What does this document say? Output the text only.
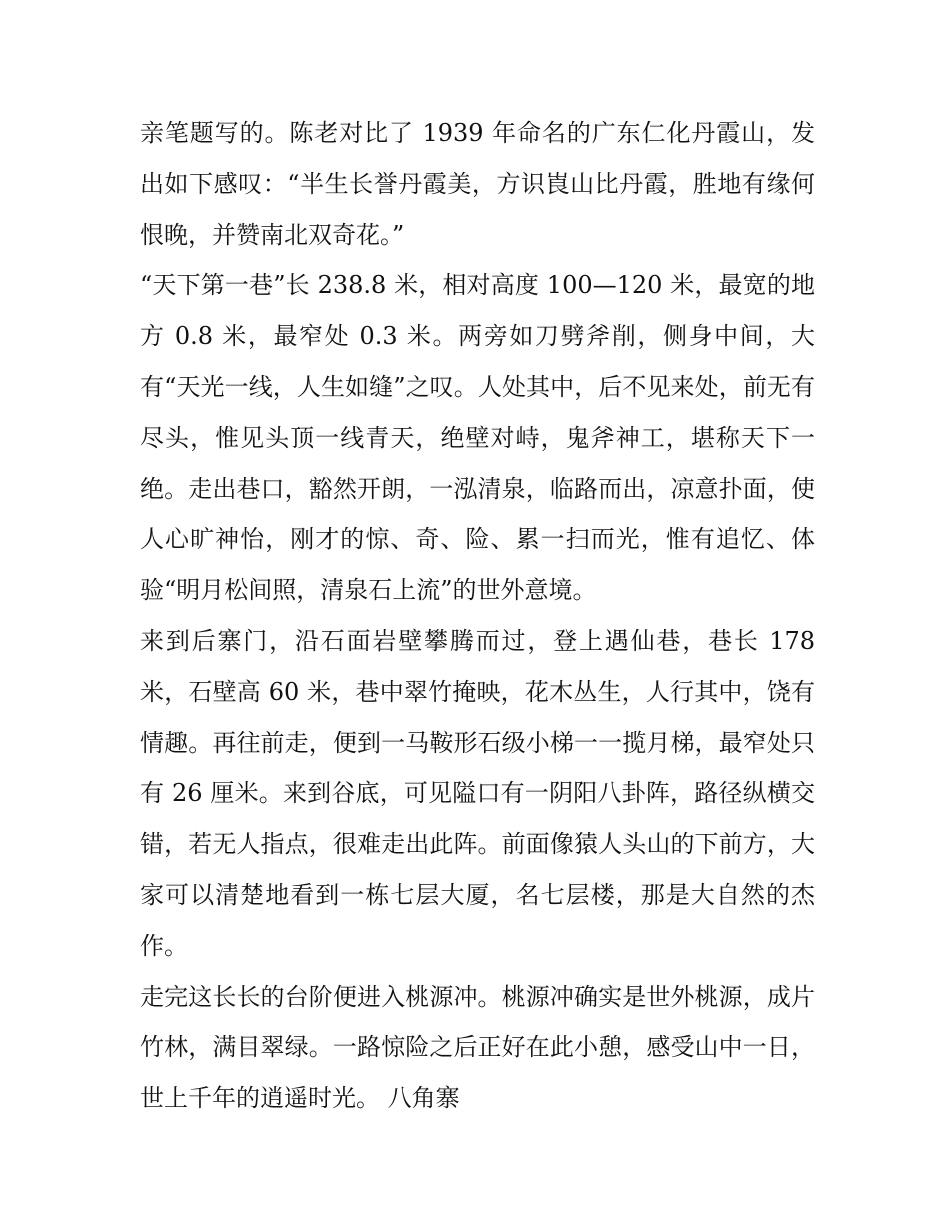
亲笔题写的。陈老对比了 1939 年命名的广东仁化丹霞山，发出如下感叹：“半生长誉丹霞美，方识崀山比丹霞，胜地有缘何恨晚，并赞南北双奇花。”

“天下第一巷”长 238.8 米，相对高度 100—120 米，最宽的地方 0.8 米，最窄处 0.3 米。两旁如刀劈斧削，侧身中间，大有“天光一线，人生如缝”之叹。人处其中，后不见来处，前无有尽头，惟见头顶一线青天，绝壁对峙，鬼斧神工，堪称天下一绝。走出巷口，豁然开朗，一泓清泉，临路而出，凉意扑面，使人心旷神怡，刚才的惊、奇、险、累一扫而光，惟有追忆、体验“明月松间照，清泉石上流”的世外意境。

来到后寨门，沿石面岩壁攀腾而过，登上遇仙巷，巷长 178 米，石壁高 60 米，巷中翠竹掩映，花木丛生，人行其中，饶有情趣。再往前走，便到一马鞍形石级小梯一一揽月梯，最窄处只有 26 厘米。来到谷底，可见隘口有一阴阳八卦阵，路径纵横交错，若无人指点，很难走出此阵。前面像猿人头山的下前方，大家可以清楚地看到一栋七层大厦，名七层楼，那是大自然的杰作。

走完这长长的台阶便进入桃源冲。桃源冲确实是世外桃源，成片竹林，满目翠绿。一路惊险之后正好在此小憩，感受山中一日，世上千年的逍遥时光。 八角寨
